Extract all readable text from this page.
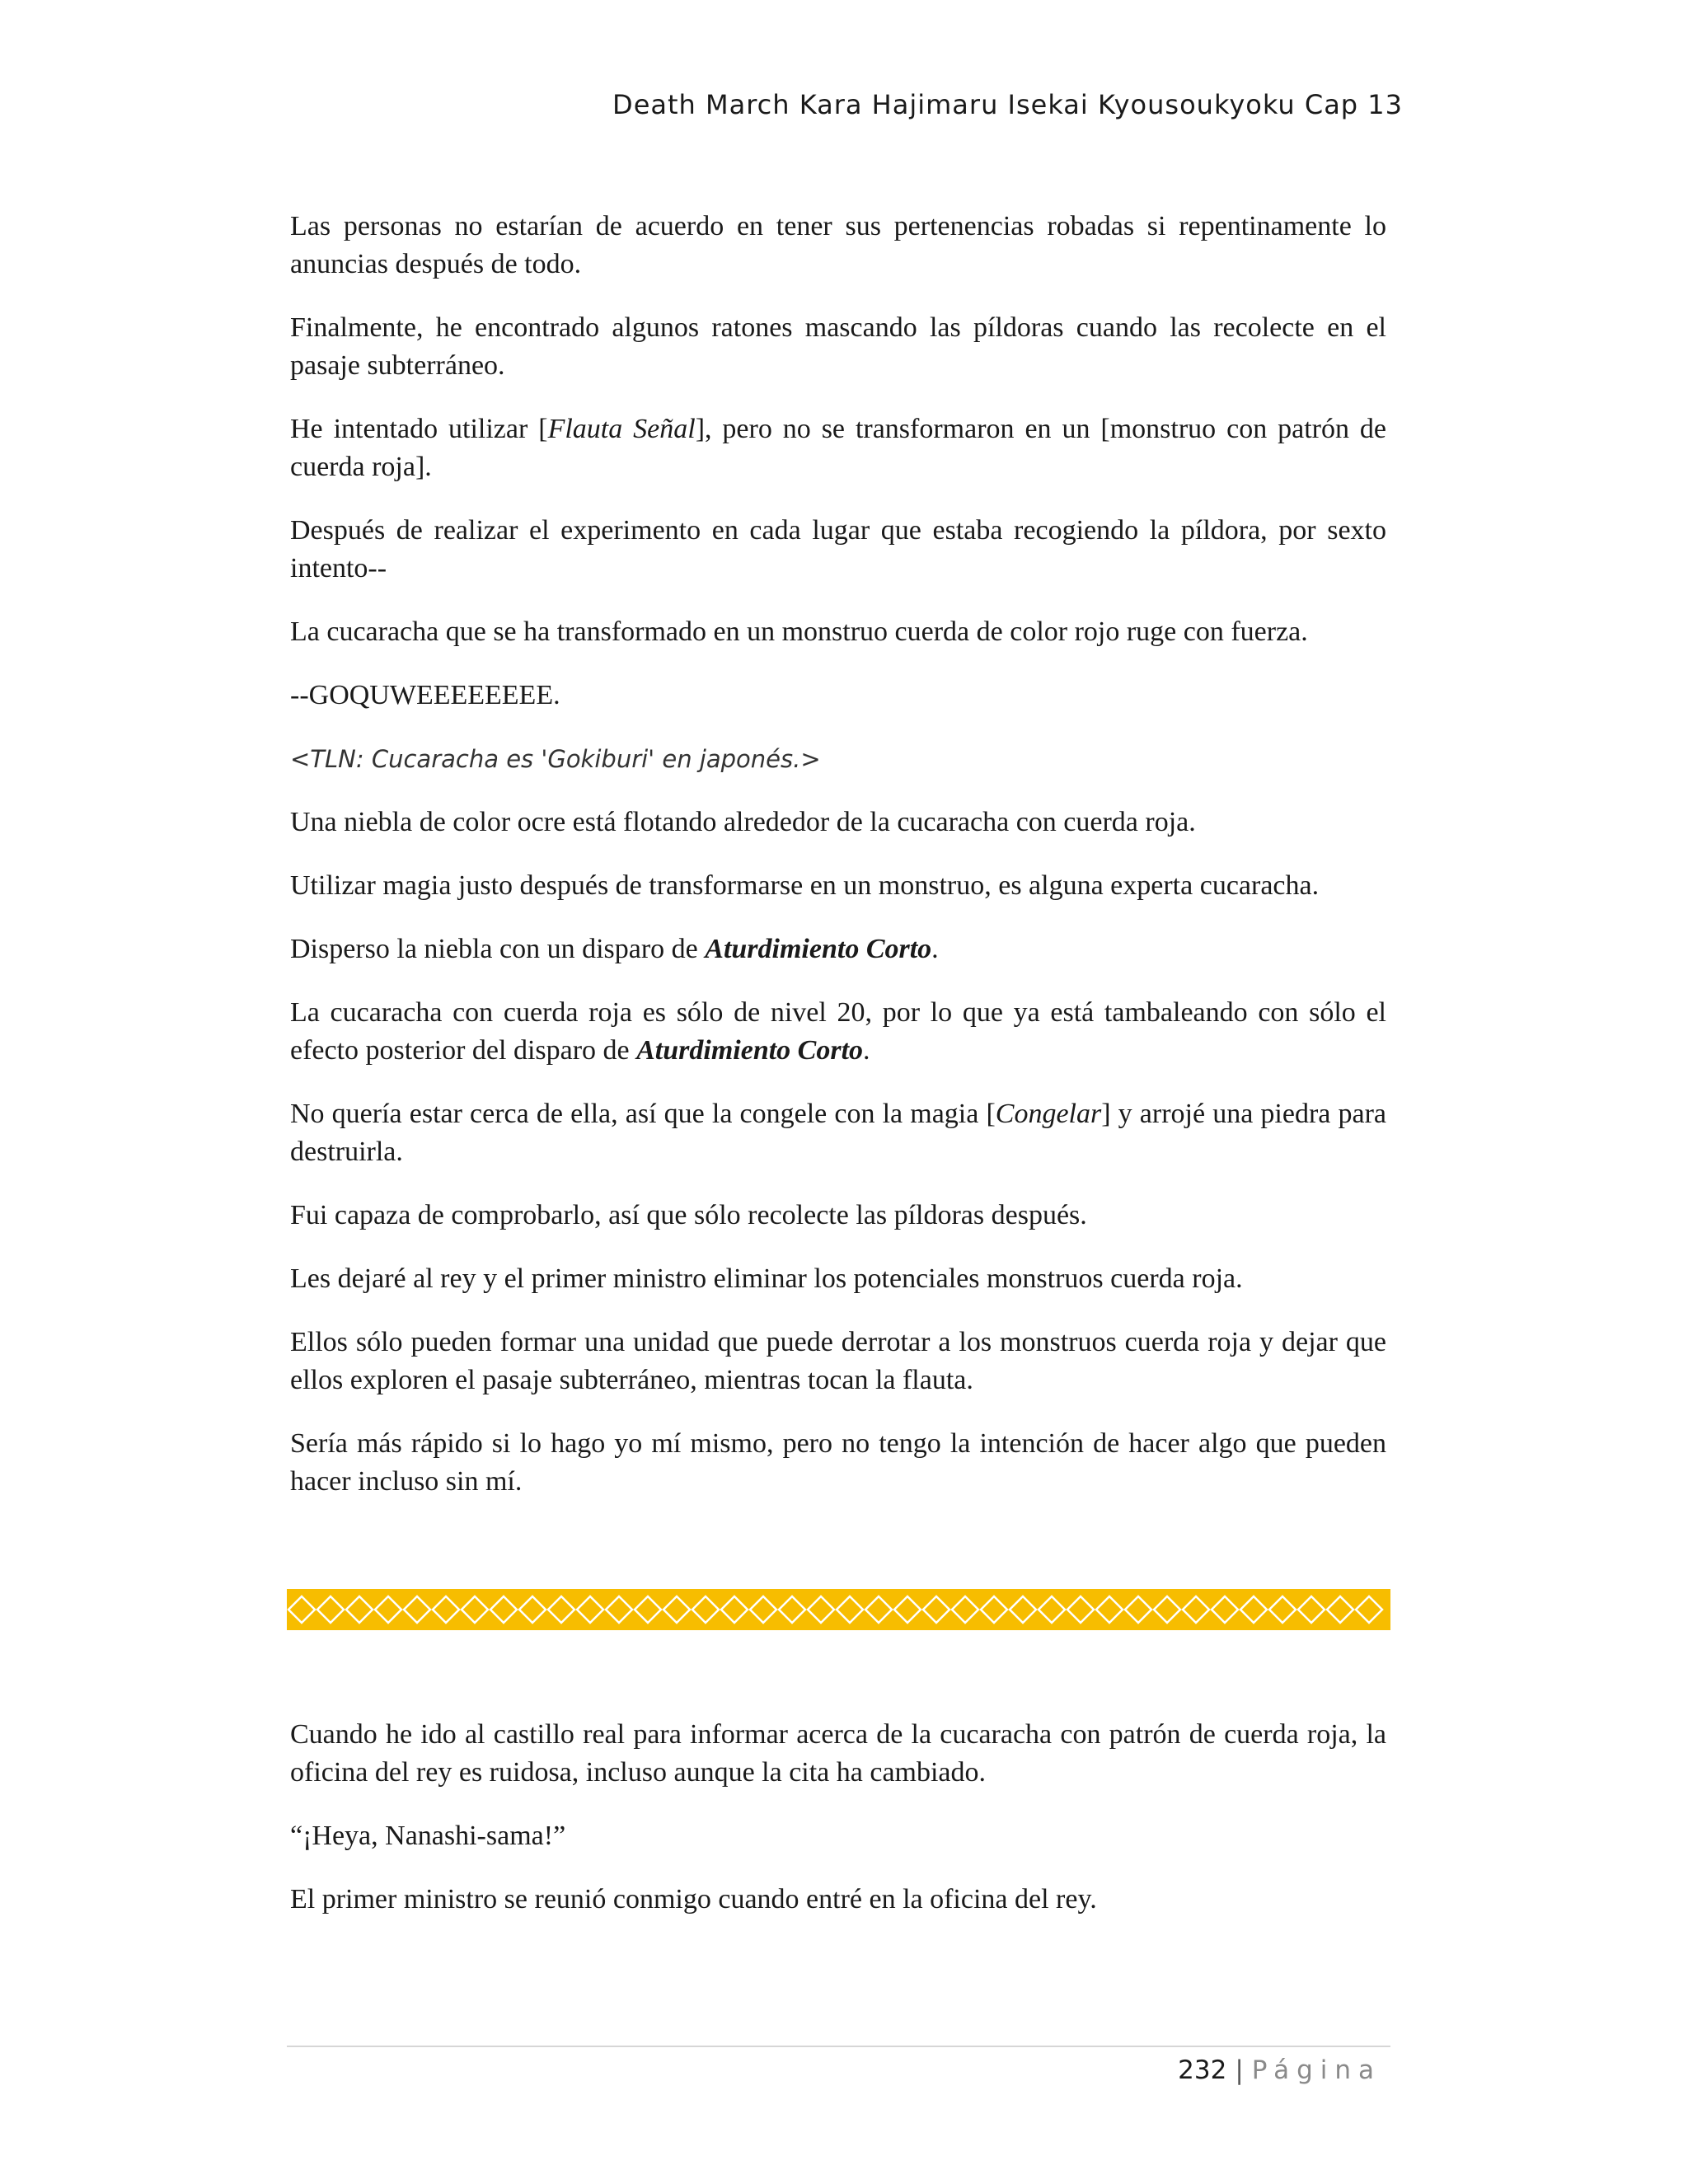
Death March Kara Hajimaru Isekai Kyousoukyoku Cap 13

Las personas no estarían de acuerdo en tener sus pertenencias robadas si repentinamente lo anuncias después de todo.

Finalmente, he encontrado algunos ratones mascando las píldoras cuando las recolecte en el pasaje subterráneo.

He intentado utilizar [Flauta Señal], pero no se transformaron en un [monstruo con patrón de cuerda roja].

Después de realizar el experimento en cada lugar que estaba recogiendo la píldora, por sexto intento--

La cucaracha que se ha transformado en un monstruo cuerda de color rojo ruge con fuerza.

--GOQUWEEEEEEEE.

<TLN: Cucaracha es 'Gokiburi' en japonés.>

Una niebla de color ocre está flotando alrededor de la cucaracha con cuerda roja.

Utilizar magia justo después de transformarse en un monstruo, es alguna experta cucaracha.

Disperso la niebla con un disparo de Aturdimiento Corto.

La cucaracha con cuerda roja es sólo de nivel 20, por lo que ya está tambaleando con sólo el efecto posterior del disparo de Aturdimiento Corto.

No quería estar cerca de ella, así que la congele con la magia [Congelar] y arrojé una piedra para destruirla.

Fui capaza de comprobarlo, así que sólo recolecte las píldoras después.

Les dejaré al rey y el primer ministro eliminar los potenciales monstruos cuerda roja.

Ellos sólo pueden formar una unidad que puede derrotar a los monstruos cuerda roja y dejar que ellos exploren el pasaje subterráneo, mientras tocan la flauta.

Sería más rápido si lo hago yo mí mismo, pero no tengo la intención de hacer algo que pueden hacer incluso sin mí.

Cuando he ido al castillo real para informar acerca de la cucaracha con patrón de cuerda roja, la oficina del rey es ruidosa, incluso aunque la cita ha cambiado.

“¡Heya, Nanashi-sama!”

El primer ministro se reunió conmigo cuando entré en la oficina del rey.

232 | Página
